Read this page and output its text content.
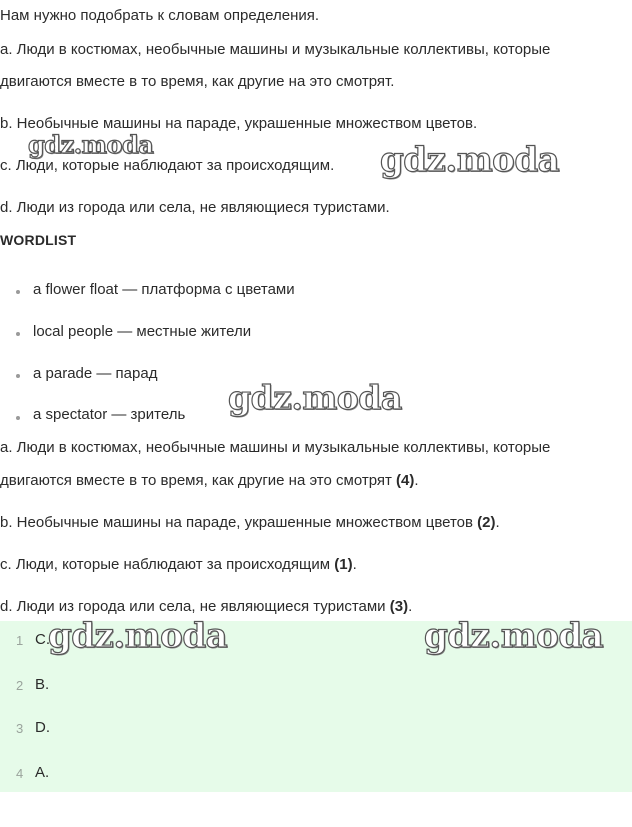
Нам нужно подобрать к словам определения.
a. Люди в костюмах, необычные машины и музыкальные коллективы, которые
двигаются вместе в то время, как другие на это смотрят.
b. Необычные машины на параде, украшенные множеством цветов.
c. Люди, которые наблюдают за происходящим.
d. Люди из города или села, не являющиеся туристами.
WORDLIST
a flower float — платформа с цветами
local people — местные жители
a parade — парад
a spectator — зритель
a. Люди в костюмах, необычные машины и музыкальные коллективы, которые
двигаются вместе в то время, как другие на это смотрят (4).
b. Необычные машины на параде, украшенные множеством цветов (2).
c. Люди, которые наблюдают за происходящим (1).
d. Люди из города или села, не являющиеся туристами (3).
1 C.
2 B.
3 D.
4 A.
gdz.moda	gdz.moda
gdz.moda
gdz.moda	gdz.moda
